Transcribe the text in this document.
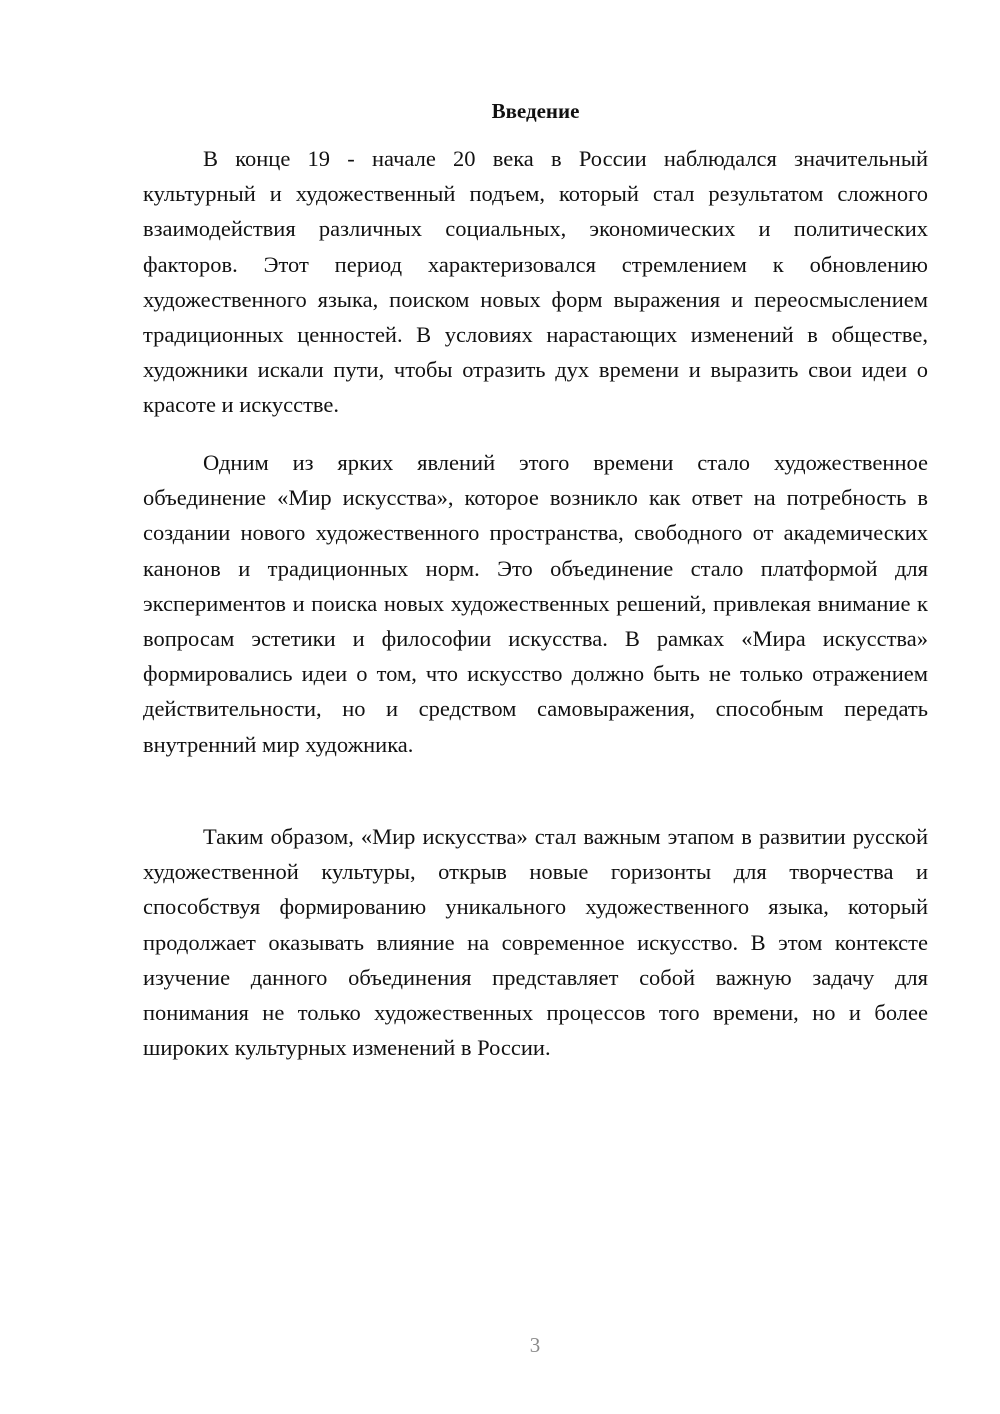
Введение

В конце 19 - начале 20 века в России наблюдался значительный культурный и художественный подъем, который стал результатом сложного взаимодействия различных социальных, экономических и политических факторов. Этот период характеризовался стремлением к обновлению художественного языка, поиском новых форм выражения и переосмыслением традиционных ценностей. В условиях нарастающих изменений в обществе, художники искали пути, чтобы отразить дух времени и выразить свои идеи о красоте и искусстве.

Одним из ярких явлений этого времени стало художественное объединение «Мир искусства», которое возникло как ответ на потребность в создании нового художественного пространства, свободного от академических канонов и традиционных норм. Это объединение стало платформой для экспериментов и поиска новых художественных решений, привлекая внимание к вопросам эстетики и философии искусства. В рамках «Мира искусства» формировались идеи о том, что искусство должно быть не только отражением действительности, но и средством самовыражения, способным передать внутренний мир художника.

Таким образом, «Мир искусства» стал важным этапом в развитии русской художественной культуры, открыв новые горизонты для творчества и способствуя формированию уникального художественного языка, который продолжает оказывать влияние на современное искусство. В этом контексте изучение данного объединения представляет собой важную задачу для понимания не только художественных процессов того времени, но и более широких культурных изменений в России.

3
